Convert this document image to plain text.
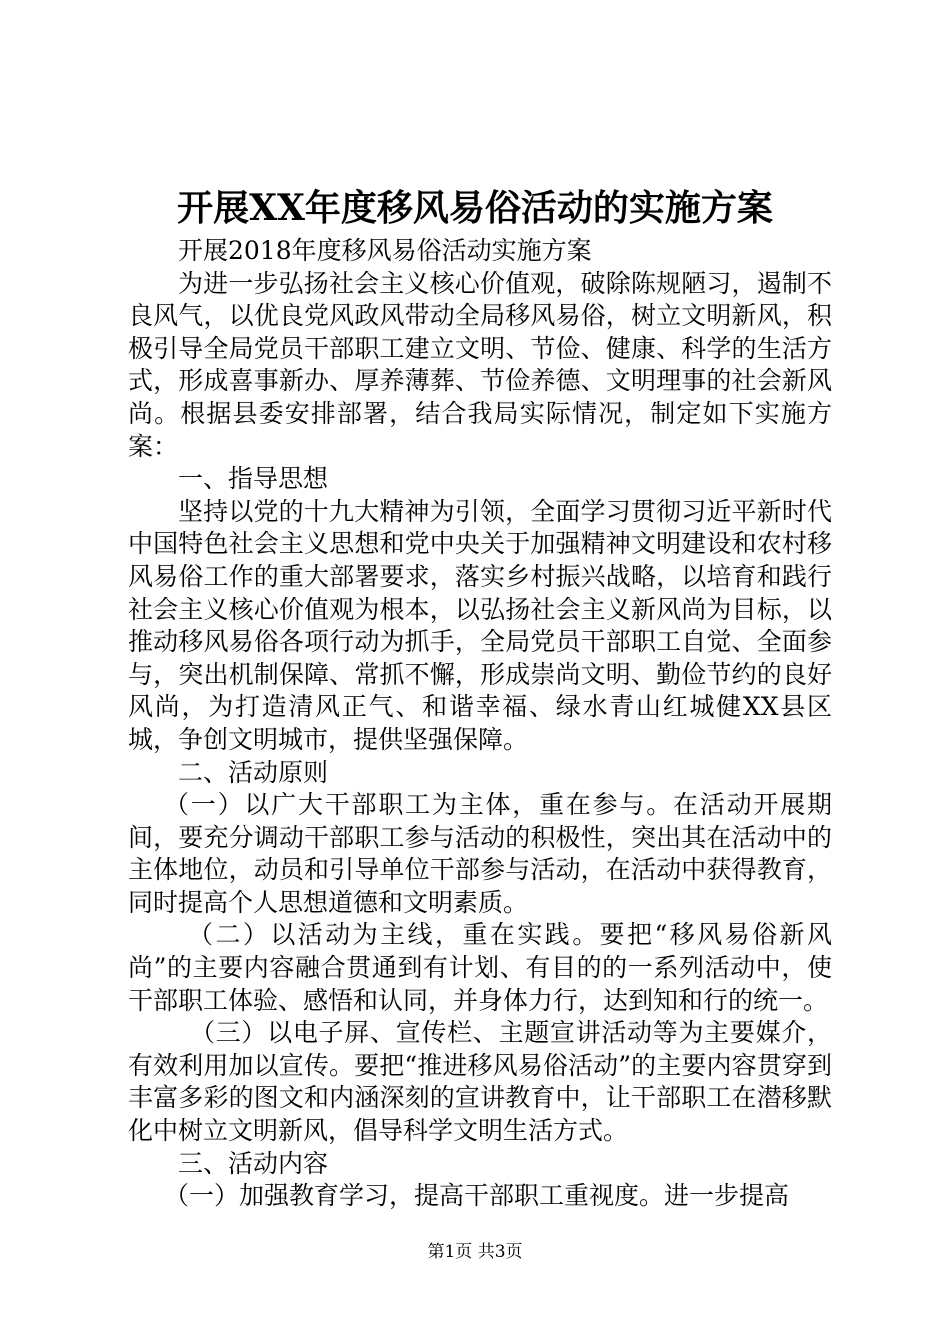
开展XX年度移风易俗活动的实施方案

开展2018年度移风易俗活动实施方案

为进一步弘扬社会主义核心价值观，破除陈规陋习，遏制不良风气，以优良党风政风带动全局移风易俗，树立文明新风，积极引导全局党员干部职工建立文明、节俭、健康、科学的生活方式，形成喜事新办、厚养薄葬、节俭养德、文明理事的社会新风尚。根据县委安排部署，结合我局实际情况，制定如下实施方案：

一、指导思想

坚持以党的十九大精神为引领，全面学习贯彻习近平新时代中国特色社会主义思想和党中央关于加强精神文明建设和农村移风易俗工作的重大部署要求，落实乡村振兴战略，以培育和践行社会主义核心价值观为根本，以弘扬社会主义新风尚为目标，以推动移风易俗各项行动为抓手，全局党员干部职工自觉、全面参与，突出机制保障、常抓不懈，形成崇尚文明、勤俭节约的良好风尚，为打造清风正气、和谐幸福、绿水青山红城健XX县区城，争创文明城市，提供坚强保障。

二、活动原则

（一）以广大干部职工为主体，重在参与。在活动开展期间，要充分调动干部职工参与活动的积极性，突出其在活动中的主体地位，动员和引导单位干部参与活动，在活动中获得教育，同时提高个人思想道德和文明素质。

（二）以活动为主线，重在实践。要把“移风易俗新风尚”的主要内容融合贯通到有计划、有目的的一系列活动中，使干部职工体验、感悟和认同，并身体力行，达到知和行的统一。

（三）以电子屏、宣传栏、主题宣讲活动等为主要媒介，有效利用加以宣传。要把“推进移风易俗活动”的主要内容贯穿到丰富多彩的图文和内涵深刻的宣讲教育中，让干部职工在潜移默化中树立文明新风，倡导科学文明生活方式。

三、活动内容

（一）加强教育学习，提高干部职工重视度。进一步提高

第1页 共3页
